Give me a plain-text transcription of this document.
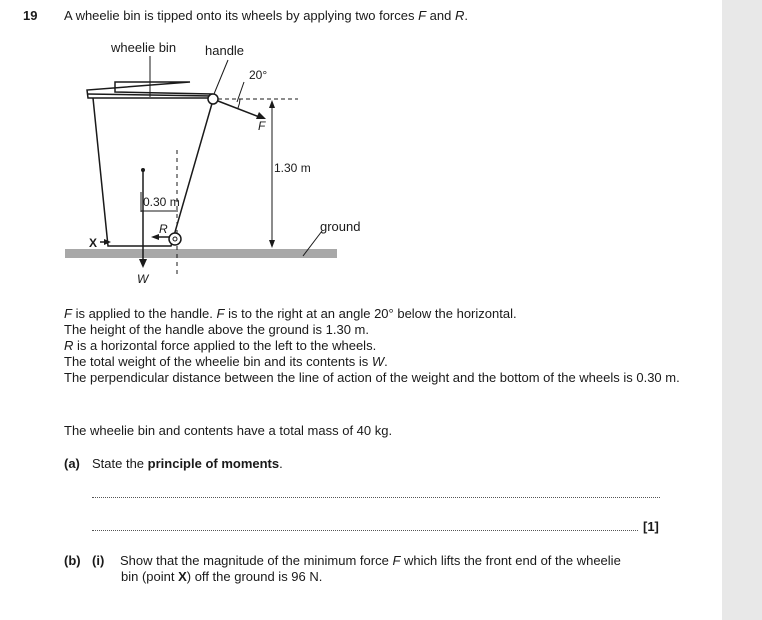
19 A wheelie bin is tipped onto its wheels by applying two forces F and R.
wheelie bin handle
20°
F
1.30 m
0.30 m
R
X
W
ground

F is applied to the handle. F is to the right at an angle 20° below the horizontal.

The height of the handle above the ground is 1.30 m.

R is a horizontal force applied to the left to the wheels.

The total weight of the wheelie bin and its contents is W.

The perpendicular distance between the line of action of the weight and the bottom of the wheels is 0.30 m.

The wheelie bin and contents have a total mass of 40 kg.
(a) State the principle of moments.
[1]
(b) (i) Show that the magnitude of the minimum force F which lifts the front end of the wheelie
bin (point X) off the ground is 96 N.
